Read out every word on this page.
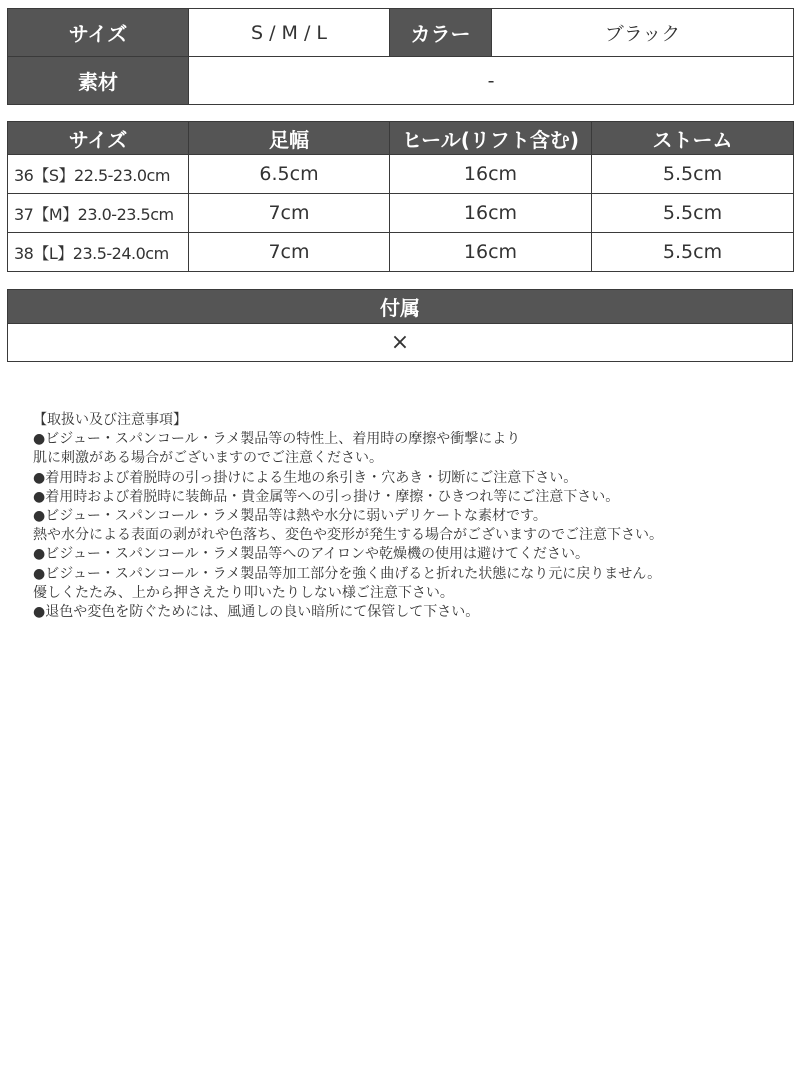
サイズ	S / M / L	カラー	ブラック
素材	-		
サイズ	足幅	ヒール(リフト含む)	ストーム
36【S】22.5-23.0cm	6.5cm	16cm	5.5cm
37【M】23.0-23.5cm	7cm	16cm	5.5cm
38【L】23.5-24.0cm	7cm	16cm	5.5cm
付属
×
【取扱い及び注意事項】
●ビジュー・スパンコール・ラメ製品等の特性上、着用時の摩擦や衝撃により
肌に刺激がある場合がございますのでご注意ください。
●着用時および着脱時の引っ掛けによる生地の糸引き・穴あき・切断にご注意下さい。
●着用時および着脱時に装飾品・貴金属等への引っ掛け・摩擦・ひきつれ等にご注意下さい。
●ビジュー・スパンコール・ラメ製品等は熱や水分に弱いデリケートな素材です。
熱や水分による表面の剥がれや色落ち、変色や変形が発生する場合がございますのでご注意下さい。
●ビジュー・スパンコール・ラメ製品等へのアイロンや乾燥機の使用は避けてください。
●ビジュー・スパンコール・ラメ製品等加工部分を強く曲げると折れた状態になり元に戻りません。
優しくたたみ、上から押さえたり叩いたりしない様ご注意下さい。
●退色や変色を防ぐためには、風通しの良い暗所にて保管して下さい。
